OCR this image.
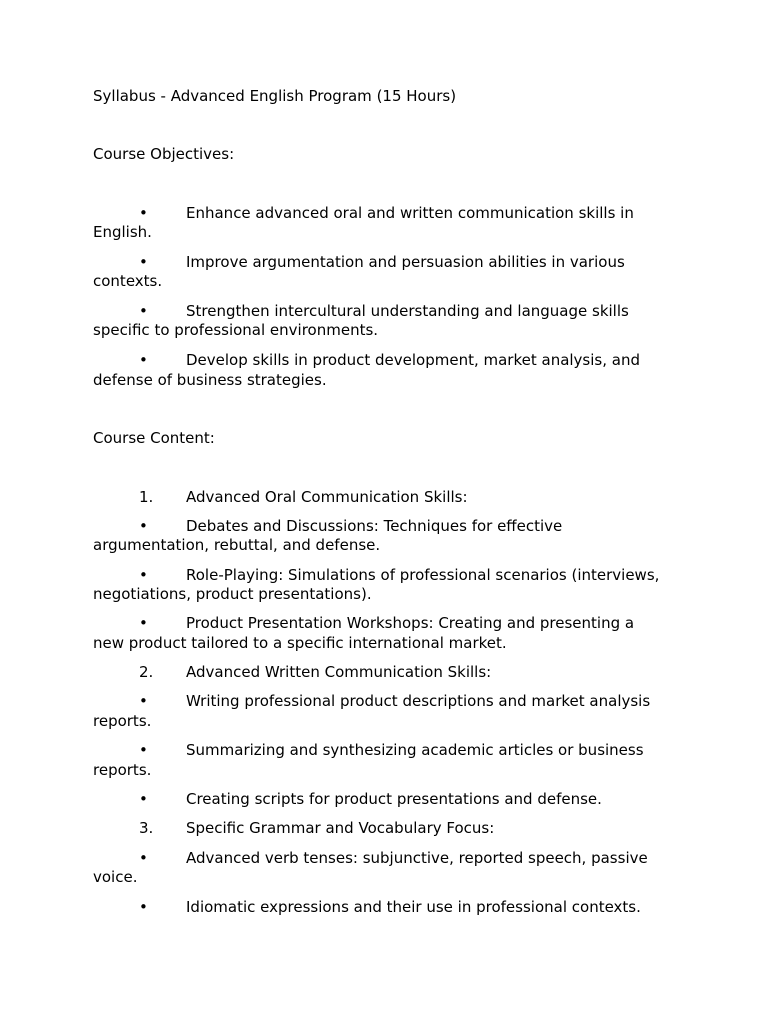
Syllabus - Advanced English Program (15 Hours)
Course Objectives:
•	Enhance advanced oral and written communication skills in
English.
•	Improve argumentation and persuasion abilities in various
contexts.
•	Strengthen intercultural understanding and language skills
specific to professional environments.
•	Develop skills in product development, market analysis, and
defense of business strategies.
Course Content:
1. Advanced Oral Communication Skills:
•	Debates and Discussions: Techniques for effective
argumentation, rebuttal, and defense.
•	Role-Playing: Simulations of professional scenarios (interviews,
negotiations, product presentations).
•	Product Presentation Workshops: Creating and presenting a
new product tailored to a specific international market.
2. Advanced Written Communication Skills:
•	Writing professional product descriptions and market analysis
reports.
•	Summarizing and synthesizing academic articles or business
reports.
•	Creating scripts for product presentations and defense.
3. Specific Grammar and Vocabulary Focus:
•	Advanced verb tenses: subjunctive, reported speech, passive
voice.
•	Idiomatic expressions and their use in professional contexts.
